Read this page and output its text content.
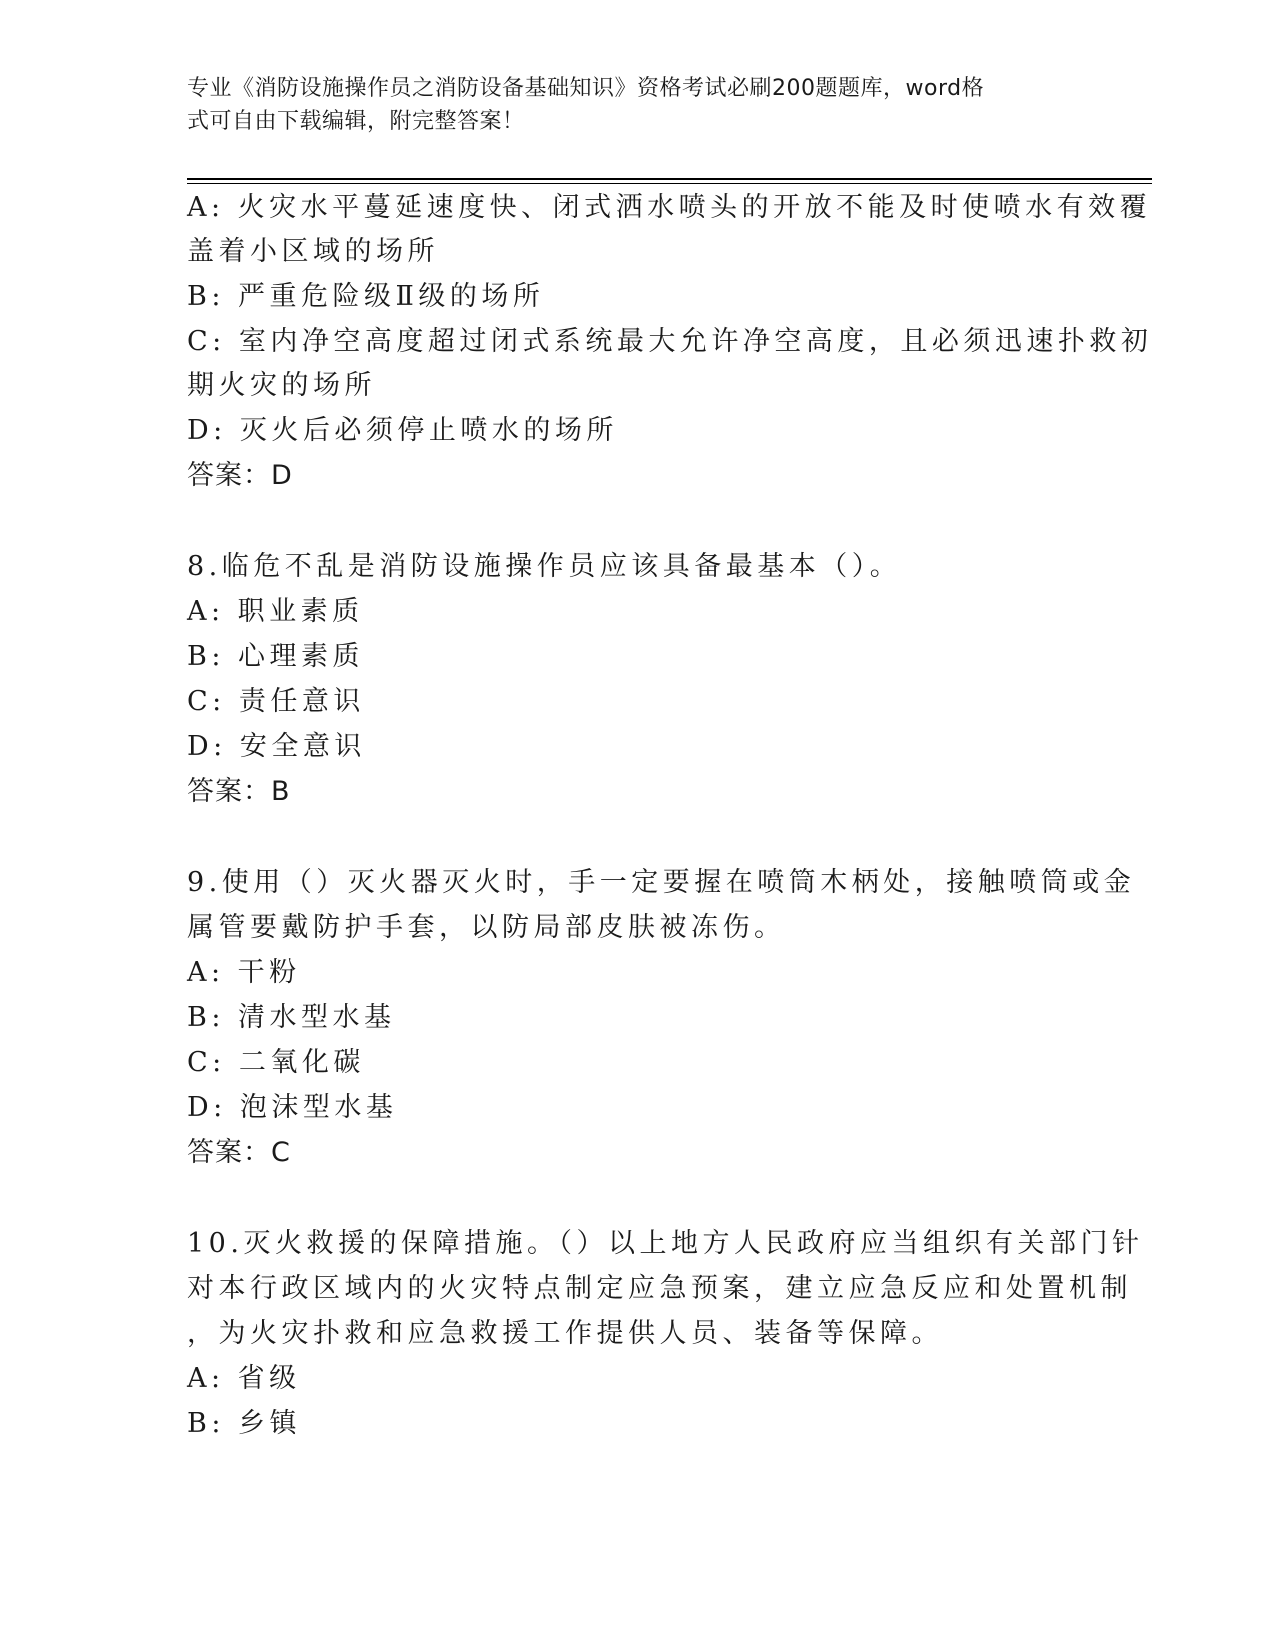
专业《消防设施操作员之消防设备基础知识》资格考试必刷200题题库，word格
式可自由下载编辑，附完整答案！
A: 火灾水平蔓延速度快、闭式洒水喷头的开放不能及时使喷水有效覆
盖着小区域的场所
B: 严重危险级Ⅱ级的场所
C: 室内净空高度超过闭式系统最大允许净空高度，且必须迅速扑救初
期火灾的场所
D: 灭火后必须停止喷水的场所
答案：D
8.临危不乱是消防设施操作员应该具备最基本（）。
A: 职业素质
B: 心理素质
C: 责任意识
D: 安全意识
答案：B
9.使用（）灭火器灭火时，手一定要握在喷筒木柄处，接触喷筒或金
属管要戴防护手套，以防局部皮肤被冻伤。
A: 干粉
B: 清水型水基
C: 二氧化碳
D: 泡沫型水基
答案：C
10.灭火救援的保障措施。（）以上地方人民政府应当组织有关部门针
对本行政区域内的火灾特点制定应急预案，建立应急反应和处置机制
，为火灾扑救和应急救援工作提供人员、装备等保障。
A: 省级
B: 乡镇
